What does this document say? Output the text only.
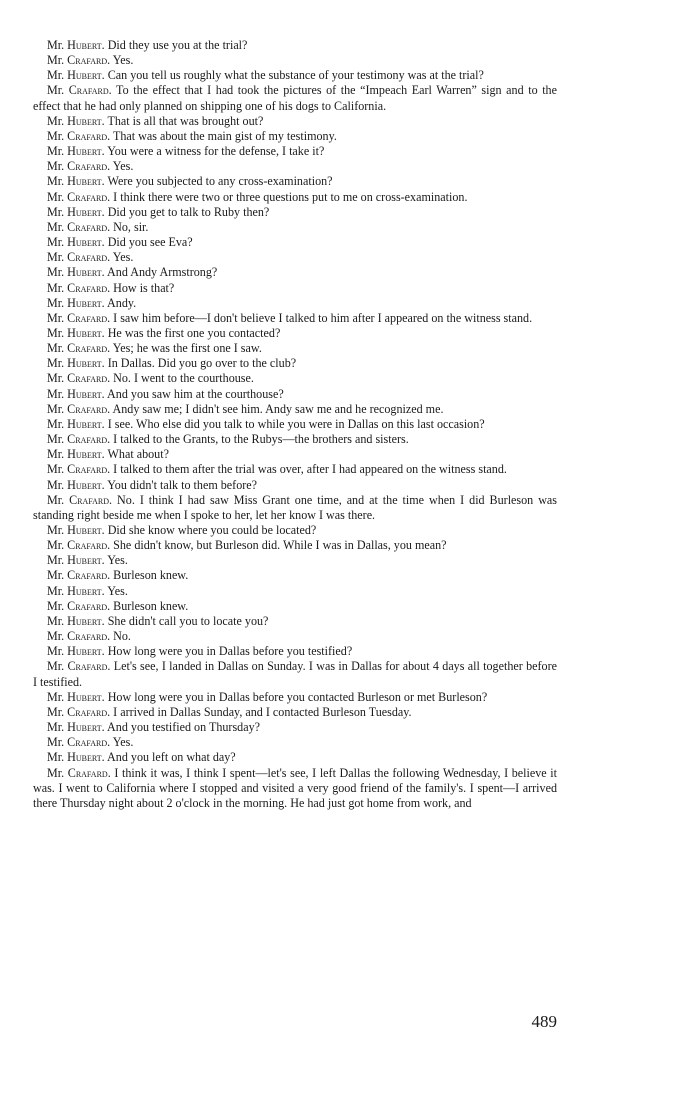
Mr. Hubert. Did they use you at the trial?

Mr. Crafard. Yes.

Mr. Hubert. Can you tell us roughly what the substance of your testimony was at the trial?

Mr. Crafard. To the effect that I had took the pictures of the “Impeach Earl Warren” sign and to the effect that he had only planned on shipping one of his dogs to California.

Mr. Hubert. That is all that was brought out?

Mr. Crafard. That was about the main gist of my testimony.

Mr. Hubert. You were a witness for the defense, I take it?

Mr. Crafard. Yes.

Mr. Hubert. Were you subjected to any cross-examination?

Mr. Crafard. I think there were two or three questions put to me on cross-examination.

Mr. Hubert. Did you get to talk to Ruby then?

Mr. Crafard. No, sir.

Mr. Hubert. Did you see Eva?

Mr. Crafard. Yes.

Mr. Hubert. And Andy Armstrong?

Mr. Crafard. How is that?

Mr. Hubert. Andy.

Mr. Crafard. I saw him before—I don't believe I talked to him after I appeared on the witness stand.

Mr. Hubert. He was the first one you contacted?

Mr. Crafard. Yes; he was the first one I saw.

Mr. Hubert. In Dallas. Did you go over to the club?

Mr. Crafard. No. I went to the courthouse.

Mr. Hubert. And you saw him at the courthouse?

Mr. Crafard. Andy saw me; I didn't see him. Andy saw me and he recognized me.

Mr. Hubert. I see. Who else did you talk to while you were in Dallas on this last occasion?

Mr. Crafard. I talked to the Grants, to the Rubys—the brothers and sisters.

Mr. Hubert. What about?

Mr. Crafard. I talked to them after the trial was over, after I had appeared on the witness stand.

Mr. Hubert. You didn't talk to them before?

Mr. Crafard. No. I think I had saw Miss Grant one time, and at the time when I did Burleson was standing right beside me when I spoke to her, let her know I was there.

Mr. Hubert. Did she know where you could be located?

Mr. Crafard. She didn't know, but Burleson did. While I was in Dallas, you mean?

Mr. Hubert. Yes.

Mr. Crafard. Burleson knew.

Mr. Hubert. Yes.

Mr. Crafard. Burleson knew.

Mr. Hubert. She didn't call you to locate you?

Mr. Crafard. No.

Mr. Hubert. How long were you in Dallas before you testified?

Mr. Crafard. Let's see, I landed in Dallas on Sunday. I was in Dallas for about 4 days all together before I testified.

Mr. Hubert. How long were you in Dallas before you contacted Burleson or met Burleson?

Mr. Crafard. I arrived in Dallas Sunday, and I contacted Burleson Tuesday.

Mr. Hubert. And you testified on Thursday?

Mr. Crafard. Yes.

Mr. Hubert. And you left on what day?

Mr. Crafard. I think it was, I think I spent—let's see, I left Dallas the following Wednesday, I believe it was. I went to California where I stopped and visited a very good friend of the family's. I spent—I arrived there Thursday night about 2 o'clock in the morning. He had just got home from work, and

489
